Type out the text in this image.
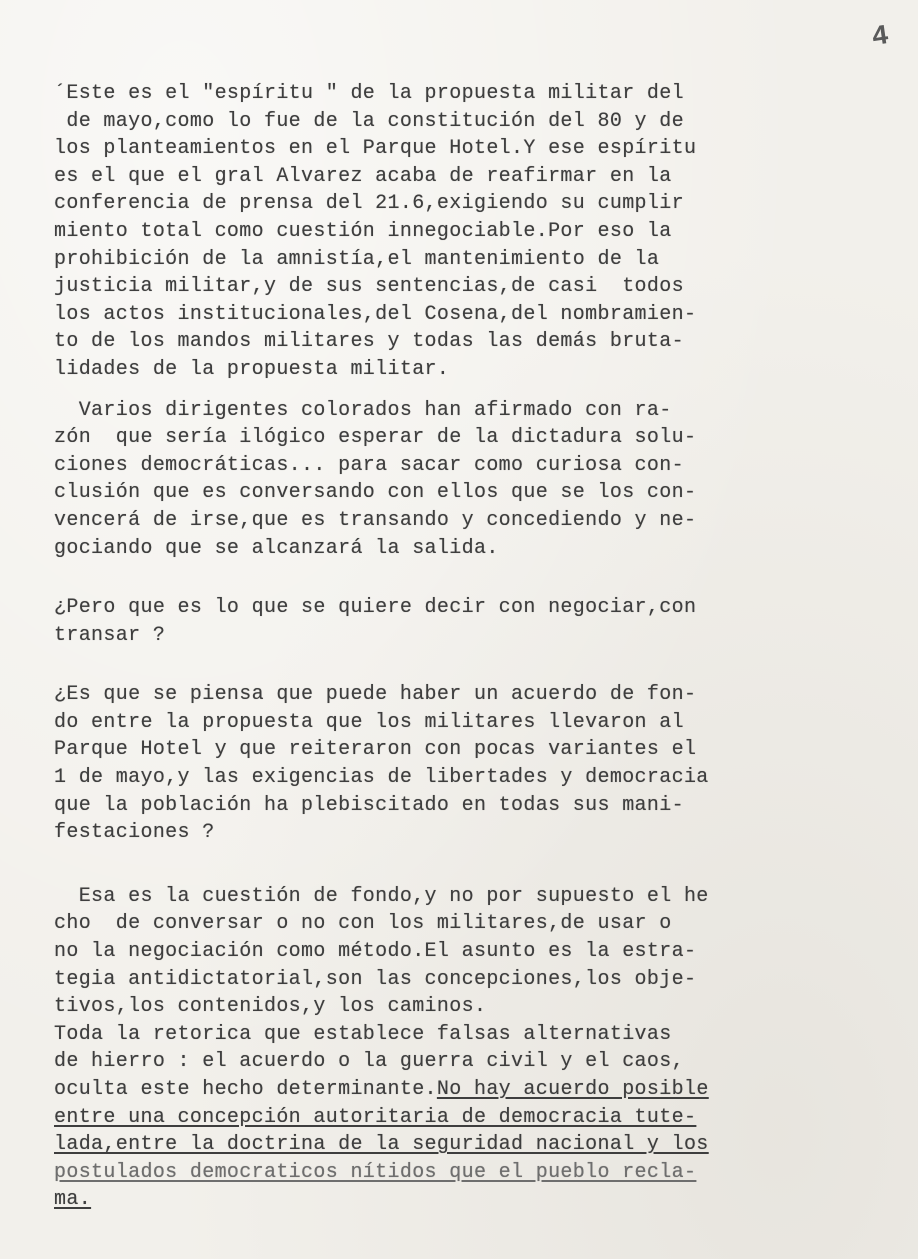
4
´Este es el "espíritu " de la propuesta militar del
de mayo,como lo fue de la constitución del 80 y de
los planteamientos en el Parque Hotel.Y ese espíritu
es el que el gral Alvarez acaba de reafirmar en la
conferencia de prensa del 21.6,exigiendo su cumplir
miento total como cuestión innegociable.Por eso la
prohibición de la amnistía,el mantenimiento de la
justicia militar,y de sus sentencias,de casi  todos
los actos institucionales,del Cosena,del nombramien-
to de los mandos militares y todas las demás bruta-
lidades de la propuesta militar.
Varios dirigentes colorados han afirmado con ra-
zón  que sería ilógico esperar de la dictadura solu-
ciones democráticas... para sacar como curiosa con-
clusión que es conversando con ellos que se los con-
vencerá de irse,que es transando y concediendo y ne-
gociando que se alcanzará la salida.
¿Pero que es lo que se quiere decir con negociar,con
transar ?
¿Es que se piensa que puede haber un acuerdo de fon-
do entre la propuesta que los militares llevaron al
Parque Hotel y que reiteraron con pocas variantes el
1 de mayo,y las exigencias de libertades y democracia
que la población ha plebiscitado en todas sus mani-
festaciones ?
Esa es la cuestión de fondo,y no por supuesto el he
cho  de conversar o no con los militares,de usar o
no la negociación como método.El asunto es la estra-
tegia antidictatorial,son las concepciones,los obje-
tivos,los contenidos,y los caminos.
Toda la retorica que establece falsas alternativas
de hierro : el acuerdo o la guerra civil y el caos,
oculta este hecho determinante.No hay acuerdo posible
entre una concepción autoritaria de democracia tute-
lada,entre la doctrina de la seguridad nacional y los
postulados democraticos nítidos que el pueblo recla-
ma.
